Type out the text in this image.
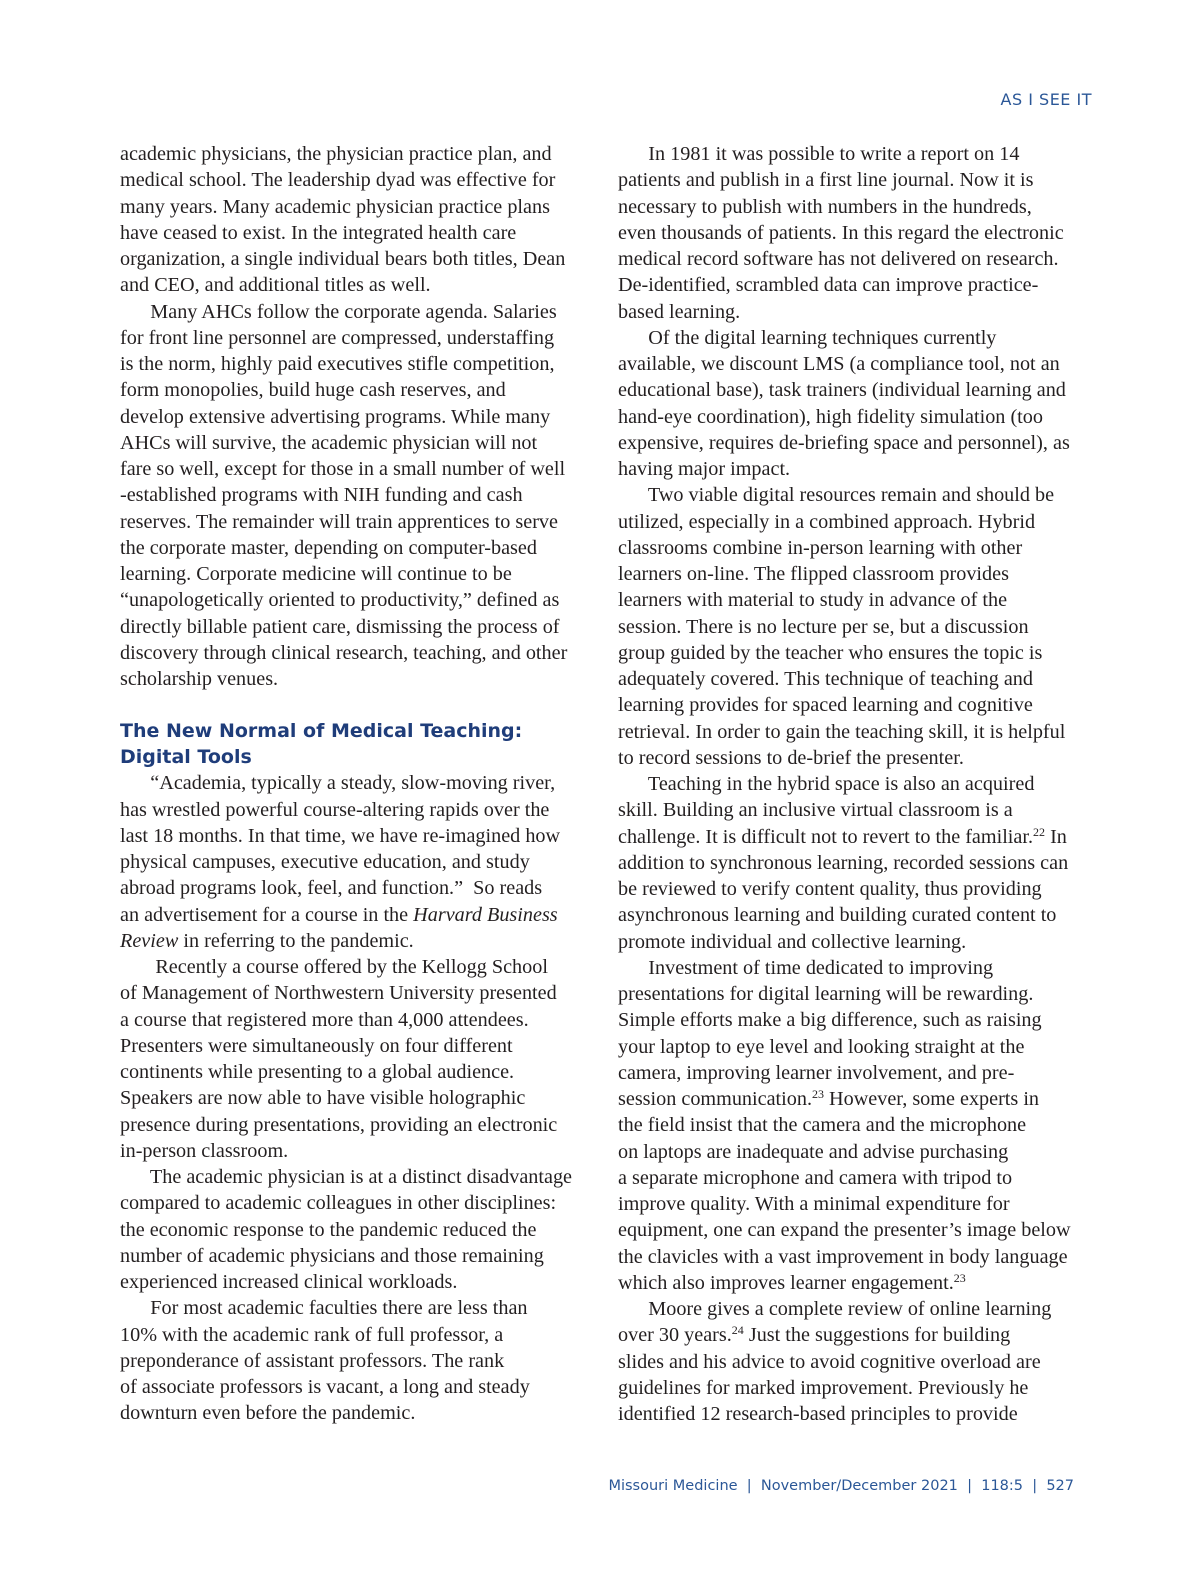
AS I SEE IT
academic physicians, the physician practice plan, and
medical school. The leadership dyad was effective for
many years. Many academic physician practice plans
have ceased to exist. In the integrated health care
organization, a single individual bears both titles, Dean
and CEO, and additional titles as well.
Many AHCs follow the corporate agenda. Salaries
for front line personnel are compressed, understaffing
is the norm, highly paid executives stifle competition,
form monopolies, build huge cash reserves, and
develop extensive advertising programs. While many
AHCs will survive, the academic physician will not
fare so well, except for those in a small number of well
-established programs with NIH funding and cash
reserves. The remainder will train apprentices to serve
the corporate master, depending on computer-based
learning. Corporate medicine will continue to be
“unapologetically oriented to productivity,” defined as
directly billable patient care, dismissing the process of
discovery through clinical research, teaching, and other
scholarship venues.
The New Normal of Medical Teaching:
Digital Tools
“Academia, typically a steady, slow-moving river,
has wrestled powerful course-altering rapids over the
last 18 months. In that time, we have re-imagined how
physical campuses, executive education, and study
abroad programs look, feel, and function.”  So reads
an advertisement for a course in the Harvard Business
Review in referring to the pandemic.
Recently a course offered by the Kellogg School
of Management of Northwestern University presented
a course that registered more than 4,000 attendees.
Presenters were simultaneously on four different
continents while presenting to a global audience.
Speakers are now able to have visible holographic
presence during presentations, providing an electronic
in-person classroom.
The academic physician is at a distinct disadvantage
compared to academic colleagues in other disciplines:
the economic response to the pandemic reduced the
number of academic physicians and those remaining
experienced increased clinical workloads.
For most academic faculties there are less than
10% with the academic rank of full professor, a
preponderance of assistant professors. The rank
of associate professors is vacant, a long and steady
downturn even before the pandemic.
In 1981 it was possible to write a report on 14
patients and publish in a first line journal. Now it is
necessary to publish with numbers in the hundreds,
even thousands of patients. In this regard the electronic
medical record software has not delivered on research.
De-identified, scrambled data can improve practice-
based learning.
Of the digital learning techniques currently
available, we discount LMS (a compliance tool, not an
educational base), task trainers (individual learning and
hand-eye coordination), high fidelity simulation (too
expensive, requires de-briefing space and personnel), as
having major impact.
Two viable digital resources remain and should be
utilized, especially in a combined approach. Hybrid
classrooms combine in-person learning with other
learners on-line. The flipped classroom provides
learners with material to study in advance of the
session. There is no lecture per se, but a discussion
group guided by the teacher who ensures the topic is
adequately covered. This technique of teaching and
learning provides for spaced learning and cognitive
retrieval. In order to gain the teaching skill, it is helpful
to record sessions to de-brief the presenter.
Teaching in the hybrid space is also an acquired
skill. Building an inclusive virtual classroom is a
challenge. It is difficult not to revert to the familiar.$^{22}$ In
addition to synchronous learning, recorded sessions can
be reviewed to verify content quality, thus providing
asynchronous learning and building curated content to
promote individual and collective learning.
Investment of time dedicated to improving
presentations for digital learning will be rewarding.
Simple efforts make a big difference, such as raising
your laptop to eye level and looking straight at the
camera, improving learner involvement, and pre-
session communication.$^{23}$ However, some experts in
the field insist that the camera and the microphone
on laptops are inadequate and advise purchasing
a separate microphone and camera with tripod to
improve quality. With a minimal expenditure for
equipment, one can expand the presenter’s image below
the clavicles with a vast improvement in body language
which also improves learner engagement.$^{23}$
Moore gives a complete review of online learning
over 30 years.$^{24}$ Just the suggestions for building
slides and his advice to avoid cognitive overload are
guidelines for marked improvement. Previously he
identified 12 research-based principles to provide
Missouri Medicine  |  November/December 2021  |  118:5  |  527
